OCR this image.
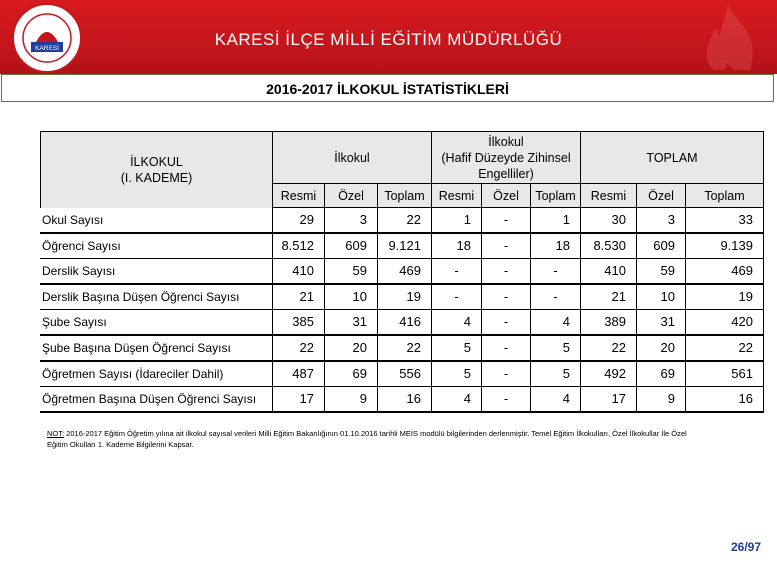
KARESİ	KARESİ İLÇE MİLLİ EĞİTİM MÜDÜRLÜĞÜ
2016-2017 İLKOKUL İSTATİSTİKLERİ
İLKOKUL
(I. KADEME)
İlkokul
İlkokul
(Hafif Düzeyde Zihinsel
Engelliler)
TOPLAM
Resmi	Özel	Toplam	Resmi	Özel	Toplam	Resmi	Özel	Toplam
Okul Sayısı	29	3	22	1	-	1	30	3	33
Öğrenci Sayısı	8.512	609	9.121	18	-	18	8.530	609	9.139
Derslik Sayısı	410	59	469	-	-	-	410	59	469
Derslik Başına Düşen Öğrenci Sayısı	21	10	19	-	-	-	21	10	19
Şube Sayısı	385	31	416	4	-	4	389	31	420
Şube Başına Düşen Öğrenci Sayısı	22	20	22	5	-	5	22	20	22
Öğretmen Sayısı (İdareciler Dahil)	487	69	556	5	-	5	492	69	561
Öğretmen Başına Düşen Öğrenci Sayısı	17	9	16	4	-	4	17	9	16
NOT: 2016-2017 Eğitim Öğretim yılına ait ilkokul sayısal verileri Milli Eğitim Bakanlığının 01.10.2016 tarihli MEİS modülü bilgilerinden derlenmiştir. Temel Eğitim İlkokulları, Özel İlkokullar İle Özel Eğitim Okulları 1. Kademe Bilgilerini Kapsar.
26/97
